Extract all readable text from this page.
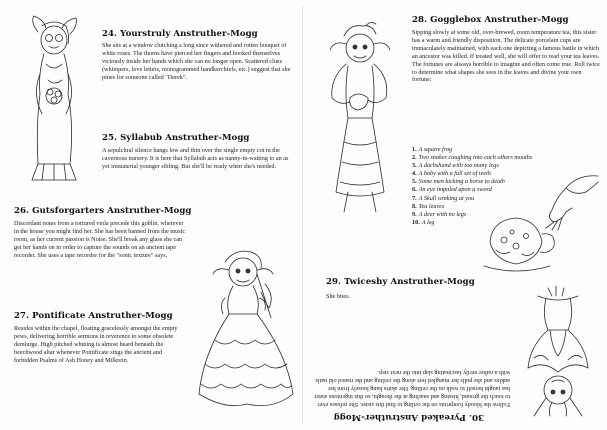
24. Yourstruly Anstruther-Mogg

She sits at a window clutching a long since withered and rotten bouquet of white roses. The thorns have pierced her fingers and hooked themselves viciously inside her hands which she can no longer open. Scattered clues (whimpers, love letters, monogrammed handkerchiefs, etc.) suggest that she pines for someone called "Derek".

25. Syllabub Anstruther-Mogg

A sepulchral silence hangs low and thin over the single empty cot in the cavernous nursery. It is here that Syllabub acts as nanny-in-waiting to an as yet immaterial younger sibling. But she'll be ready when she's needed.

26. Gutsforgarters Anstruther-Mogg

Discordant notes from a tortured viola precede this goblin, wherever in the house you might find her. She has been banned from the music room, as her current passion is Noise. She'll break any glass she can get her hands on in order to capture the sounds on an ancient tape recorder. She uses a tape recorder for the "sonic texture" says.

27. Pontificate Anstruther-Mogg

Resides within the chapel, floating gracelessly amongst the empty pews, delivering horrible sermons in reverence to some obsolete demiurge. High pitched whining is almost heard beneath the beechwood altar whenever Pontificate sings the ancient and forbidden Psalms of Ash Honey and Milkrein.

28. Gogglebox Anstruther-Mogg

Sipping slowly at some old, over-brewed, room temperature tea, this sister has a warm and friendly disposition. The delicate porcelain cups are immaculately maintained, with each one depicting a famous battle in which an ancestor was killed. If treated well, she will offer to read your tea leaves. The fortunes are always horrible to imagine and often come true. Roll twice to determine what shapes she sees in the leaves and divine your own fortune:

1. A square frog
2. Two snakes coughing into each others mouths
3. A dachshund with too many legs
4. A baby with a full set of teeth
5. Some men kicking a horse to death
6. An eye impaled upon a sword
7. A Skull winking at you
8. Tea leaves
9. A deer with no legs
10. A leg
29. Twiceshy Anstruther-Mogg

She bites.

30. Pyreaked Anstruther-Mogg

Follow the bloody footprints on the ceiling to find this sister. She refuses ever to touch the ground, hissing and snarling at the thought, so this ingenious sister has taught herself to walk on the ceiling. Her skirts hang loosely from her ankles and she pulls her mangled feet along the ceiling and the rusted old nails with a rather eerily fascinating slap into the next step.
